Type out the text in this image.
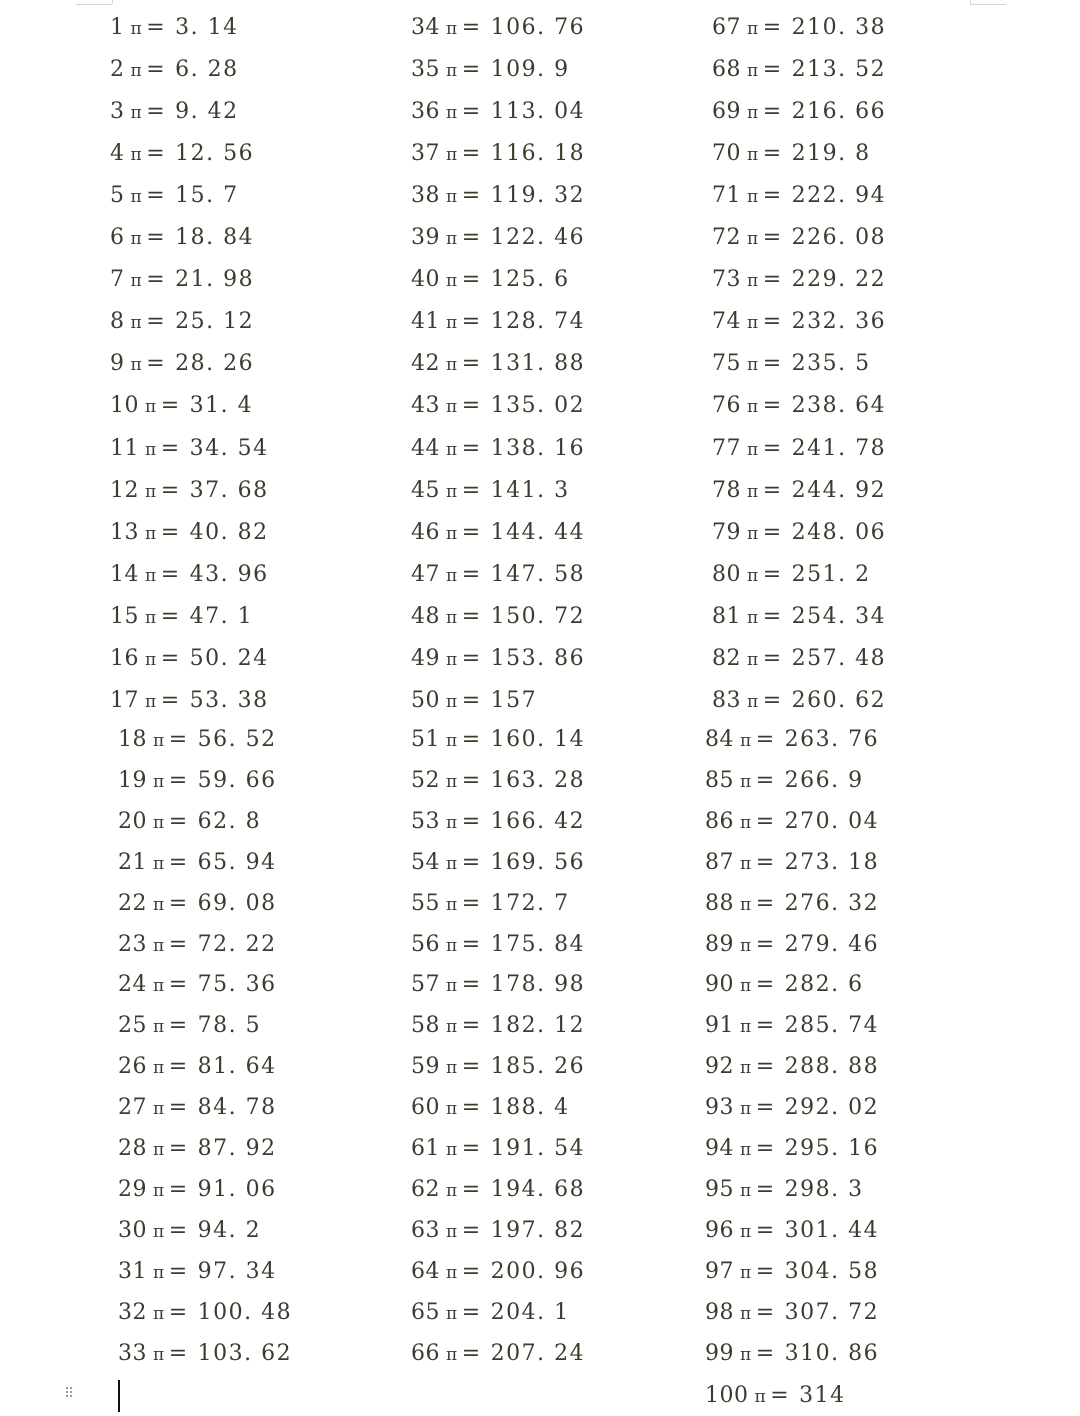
1 π = 3. 14
2 π = 6. 28
3 π = 9. 42
4 π = 12. 56
5 π = 15. 7
6 π = 18. 84
7 π = 21. 98
8 π = 25. 12
9 π = 28. 26
10 π = 31. 4
11 π = 34. 54
12 π = 37. 68
13 π = 40. 82
14 π = 43. 96
15 π = 47. 1
16 π = 50. 24
17 π = 53. 38
18 π = 56. 52
19 π = 59. 66
20 π = 62. 8
21 π = 65. 94
22 π = 69. 08
23 π = 72. 22
24 π = 75. 36
25 π = 78. 5
26 π = 81. 64
27 π = 84. 78
28 π = 87. 92
29 π = 91. 06
30 π = 94. 2
31 π = 97. 34
32 π = 100. 48
33 π = 103. 62
34 π = 106. 76
35 π = 109. 9
36 π = 113. 04
37 π = 116. 18
38 π = 119. 32
39 π = 122. 46
40 π = 125. 6
41 π = 128. 74
42 π = 131. 88
43 π = 135. 02
44 π = 138. 16
45 π = 141. 3
46 π = 144. 44
47 π = 147. 58
48 π = 150. 72
49 π = 153. 86
50 π = 157
51 π = 160. 14
52 π = 163. 28
53 π = 166. 42
54 π = 169. 56
55 π = 172. 7
56 π = 175. 84
57 π = 178. 98
58 π = 182. 12
59 π = 185. 26
60 π = 188. 4
61 π = 191. 54
62 π = 194. 68
63 π = 197. 82
64 π = 200. 96
65 π = 204. 1
66 π = 207. 24
67 π = 210. 38
68 π = 213. 52
69 π = 216. 66
70 π = 219. 8
71 π = 222. 94
72 π = 226. 08
73 π = 229. 22
74 π = 232. 36
75 π = 235. 5
76 π = 238. 64
77 π = 241. 78
78 π = 244. 92
79 π = 248. 06
80 π = 251. 2
81 π = 254. 34
82 π = 257. 48
83 π = 260. 62
84 π = 263. 76
85 π = 266. 9
86 π = 270. 04
87 π = 273. 18
88 π = 276. 32
89 π = 279. 46
90 π = 282. 6
91 π = 285. 74
92 π = 288. 88
93 π = 292. 02
94 π = 295. 16
95 π = 298. 3
96 π = 301. 44
97 π = 304. 58
98 π = 307. 72
99 π = 310. 86
100 π = 314
⠿
